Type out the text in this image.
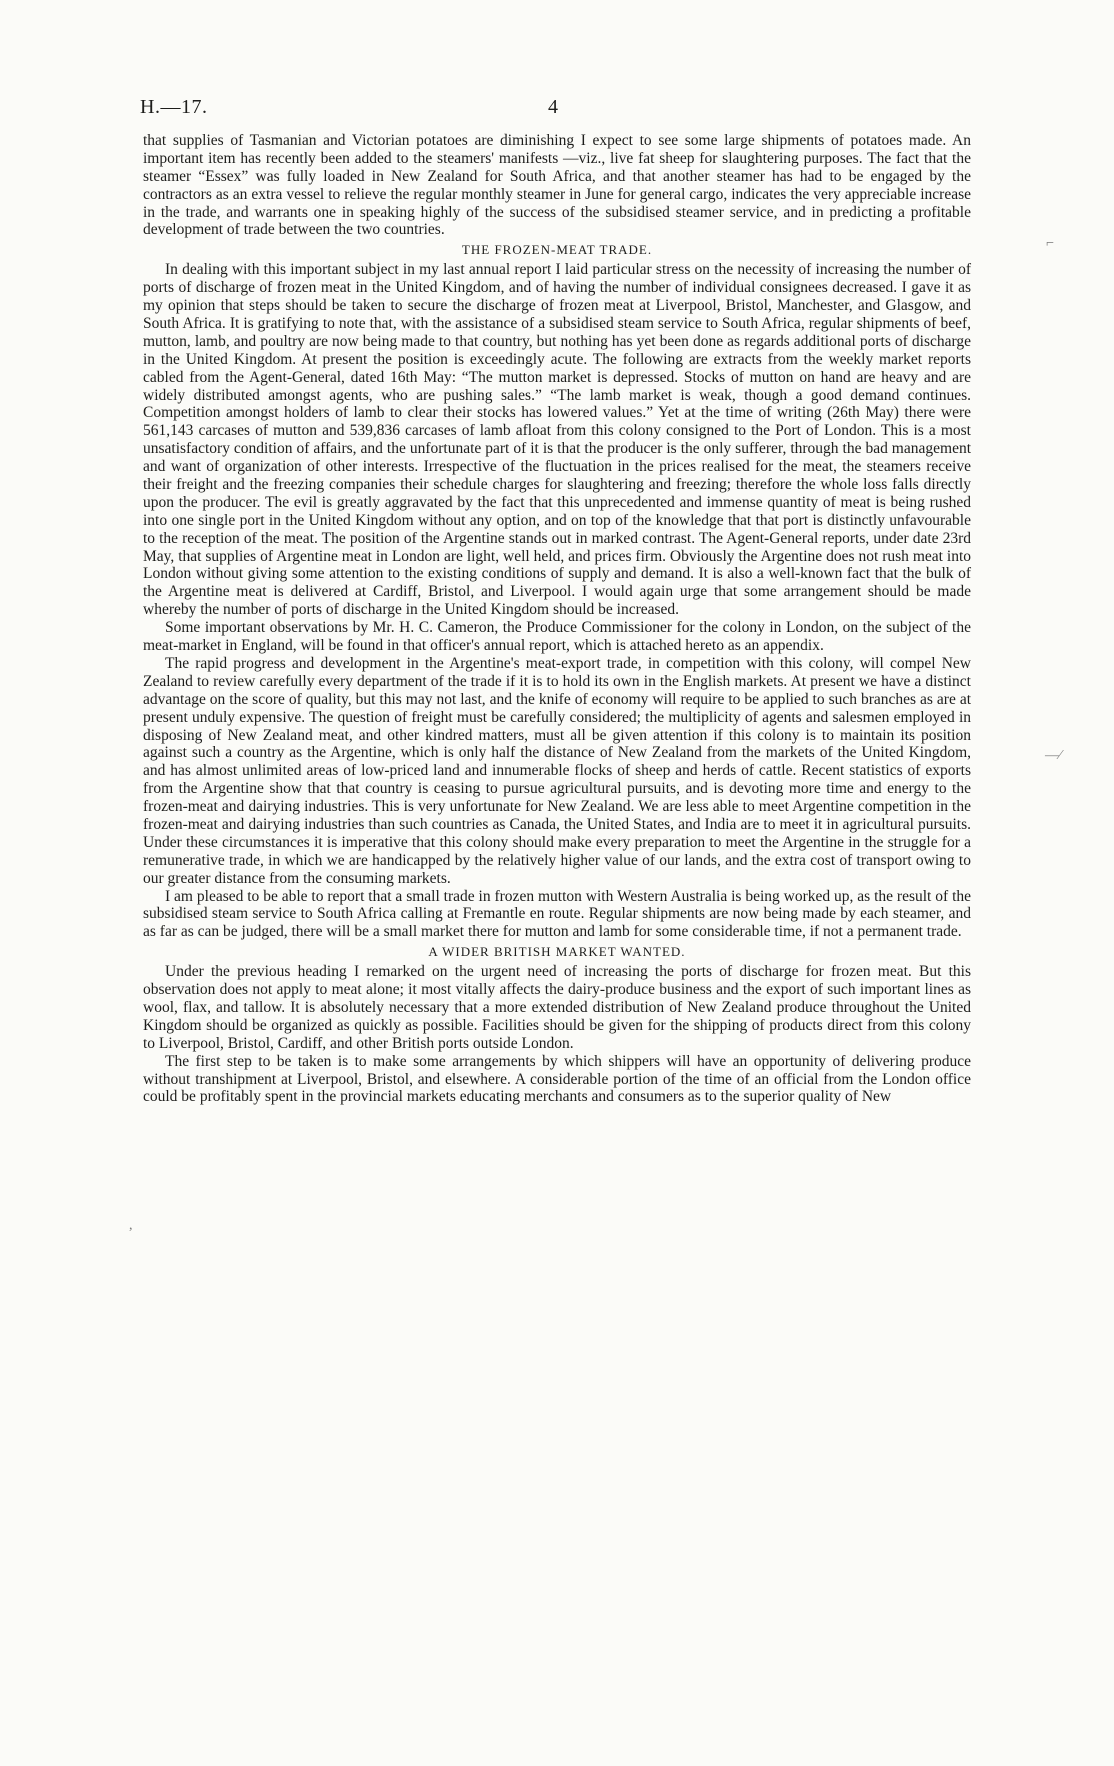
H.—17.	4

that supplies of Tasmanian and Victorian potatoes are diminishing I expect to see some large shipments of potatoes made. An important item has recently been added to the steamers' manifests —viz., live fat sheep for slaughtering purposes. The fact that the steamer “Essex” was fully loaded in New Zealand for South Africa, and that another steamer has had to be engaged by the contractors as an extra vessel to relieve the regular monthly steamer in June for general cargo, indicates the very appreciable increase in the trade, and warrants one in speaking highly of the success of the subsidised steamer service, and in predicting a profitable development of trade between the two countries.

THE FROZEN-MEAT TRADE.

In dealing with this important subject in my last annual report I laid particular stress on the necessity of increasing the number of ports of discharge of frozen meat in the United Kingdom, and of having the number of individual consignees decreased. I gave it as my opinion that steps should be taken to secure the discharge of frozen meat at Liverpool, Bristol, Manchester, and Glasgow, and South Africa. It is gratifying to note that, with the assistance of a subsidised steam service to South Africa, regular shipments of beef, mutton, lamb, and poultry are now being made to that country, but nothing has yet been done as regards additional ports of discharge in the United Kingdom. At present the position is exceedingly acute. The following are extracts from the weekly market reports cabled from the Agent-General, dated 16th May: “The mutton market is depressed. Stocks of mutton on hand are heavy and are widely distributed amongst agents, who are pushing sales.” “The lamb market is weak, though a good demand continues. Competition amongst holders of lamb to clear their stocks has lowered values.” Yet at the time of writing (26th May) there were 561,143 carcases of mutton and 539,836 carcases of lamb afloat from this colony consigned to the Port of London. This is a most unsatisfactory condition of affairs, and the unfortunate part of it is that the producer is the only sufferer, through the bad management and want of organization of other interests. Irrespective of the fluctuation in the prices realised for the meat, the steamers receive their freight and the freezing companies their schedule charges for slaughtering and freezing; therefore the whole loss falls directly upon the producer. The evil is greatly aggravated by the fact that this unprecedented and immense quantity of meat is being rushed into one single port in the United Kingdom without any option, and on top of the knowledge that that port is distinctly unfavourable to the reception of the meat. The position of the Argentine stands out in marked contrast. The Agent-General reports, under date 23rd May, that supplies of Argentine meat in London are light, well held, and prices firm. Obviously the Argentine does not rush meat into London without giving some attention to the existing conditions of supply and demand. It is also a well-known fact that the bulk of the Argentine meat is delivered at Cardiff, Bristol, and Liverpool. I would again urge that some arrangement should be made whereby the number of ports of discharge in the United Kingdom should be increased.

Some important observations by Mr. H. C. Cameron, the Produce Commissioner for the colony in London, on the subject of the meat-market in England, will be found in that officer's annual report, which is attached hereto as an appendix.

The rapid progress and development in the Argentine's meat-export trade, in competition with this colony, will compel New Zealand to review carefully every department of the trade if it is to hold its own in the English markets. At present we have a distinct advantage on the score of quality, but this may not last, and the knife of economy will require to be applied to such branches as are at present unduly expensive. The question of freight must be carefully considered; the multiplicity of agents and salesmen employed in disposing of New Zealand meat, and other kindred matters, must all be given attention if this colony is to maintain its position against such a country as the Argentine, which is only half the distance of New Zealand from the markets of the United Kingdom, and has almost unlimited areas of low-priced land and innumerable flocks of sheep and herds of cattle. Recent statistics of exports from the Argentine show that that country is ceasing to pursue agricultural pursuits, and is devoting more time and energy to the frozen-meat and dairying industries. This is very unfortunate for New Zealand. We are less able to meet Argentine competition in the frozen-meat and dairying industries than such countries as Canada, the United States, and India are to meet it in agricultural pursuits. Under these circumstances it is imperative that this colony should make every preparation to meet the Argentine in the struggle for a remunerative trade, in which we are handicapped by the relatively higher value of our lands, and the extra cost of transport owing to our greater distance from the consuming markets.

I am pleased to be able to report that a small trade in frozen mutton with Western Australia is being worked up, as the result of the subsidised steam service to South Africa calling at Fremantle en route. Regular shipments are now being made by each steamer, and as far as can be judged, there will be a small market there for mutton and lamb for some considerable time, if not a permanent trade.

A WIDER BRITISH MARKET WANTED.

Under the previous heading I remarked on the urgent need of increasing the ports of discharge for frozen meat. But this observation does not apply to meat alone; it most vitally affects the dairy-produce business and the export of such important lines as wool, flax, and tallow. It is absolutely necessary that a more extended distribution of New Zealand produce throughout the United Kingdom should be organized as quickly as possible. Facilities should be given for the shipping of products direct from this colony to Liverpool, Bristol, Cardiff, and other British ports outside London.

The first step to be taken is to make some arrangements by which shippers will have an opportunity of delivering produce without transhipment at Liverpool, Bristol, and elsewhere. A considerable portion of the time of an official from the London office could be profitably spent in the provincial markets educating merchants and consumers as to the superior quality of New

⌐
—⁄
,
